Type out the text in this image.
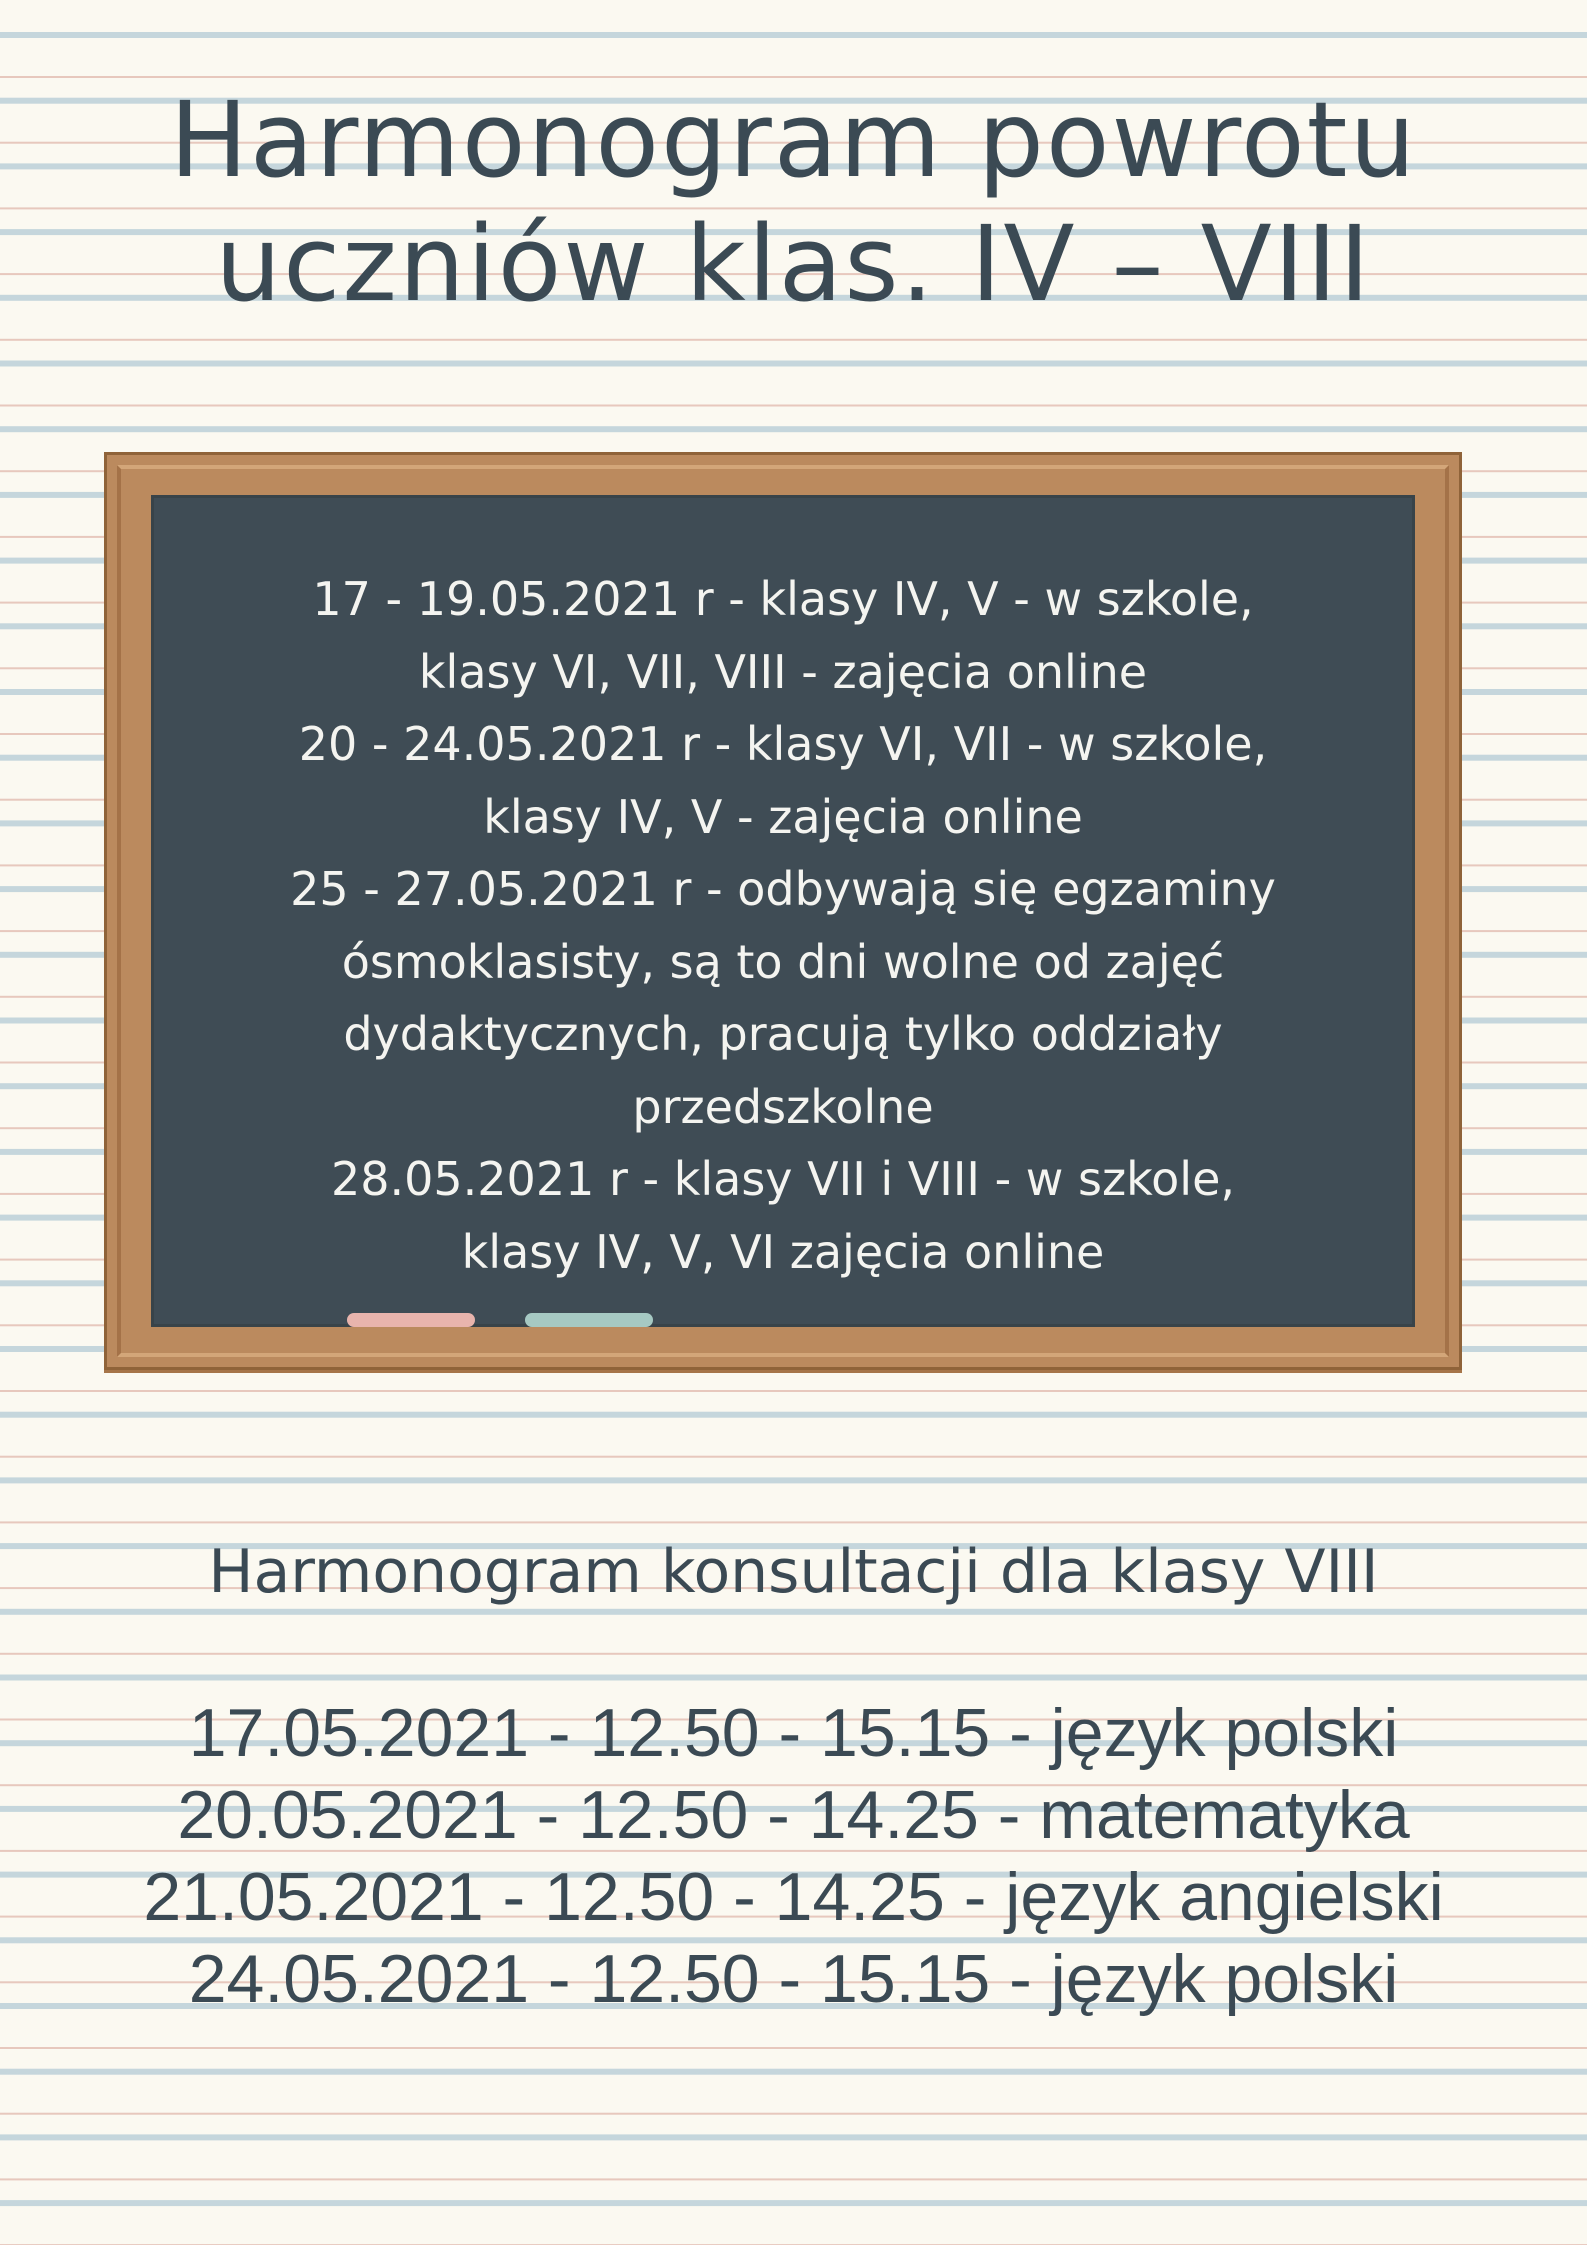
Harmonogram powrotu
uczniów klas. IV – VIII
17 - 19.05.2021 r - klasy IV, V - w szkole,
klasy VI, VII, VIII - zajęcia online
20 - 24.05.2021 r - klasy VI, VII - w szkole,
klasy IV, V - zajęcia online
25 - 27.05.2021 r - odbywają się egzaminy
ósmoklasisty, są to dni wolne od zajęć
dydaktycznych, pracują tylko oddziały
przedszkolne
28.05.2021 r - klasy VII i VIII - w szkole,
klasy IV, V, VI zajęcia online
Harmonogram konsultacji dla klasy VIII
17.05.2021 - 12.50 - 15.15 - język polski
20.05.2021 - 12.50 - 14.25 - matematyka
21.05.2021 - 12.50 - 14.25 - język angielski
24.05.2021 - 12.50 - 15.15 - język polski
